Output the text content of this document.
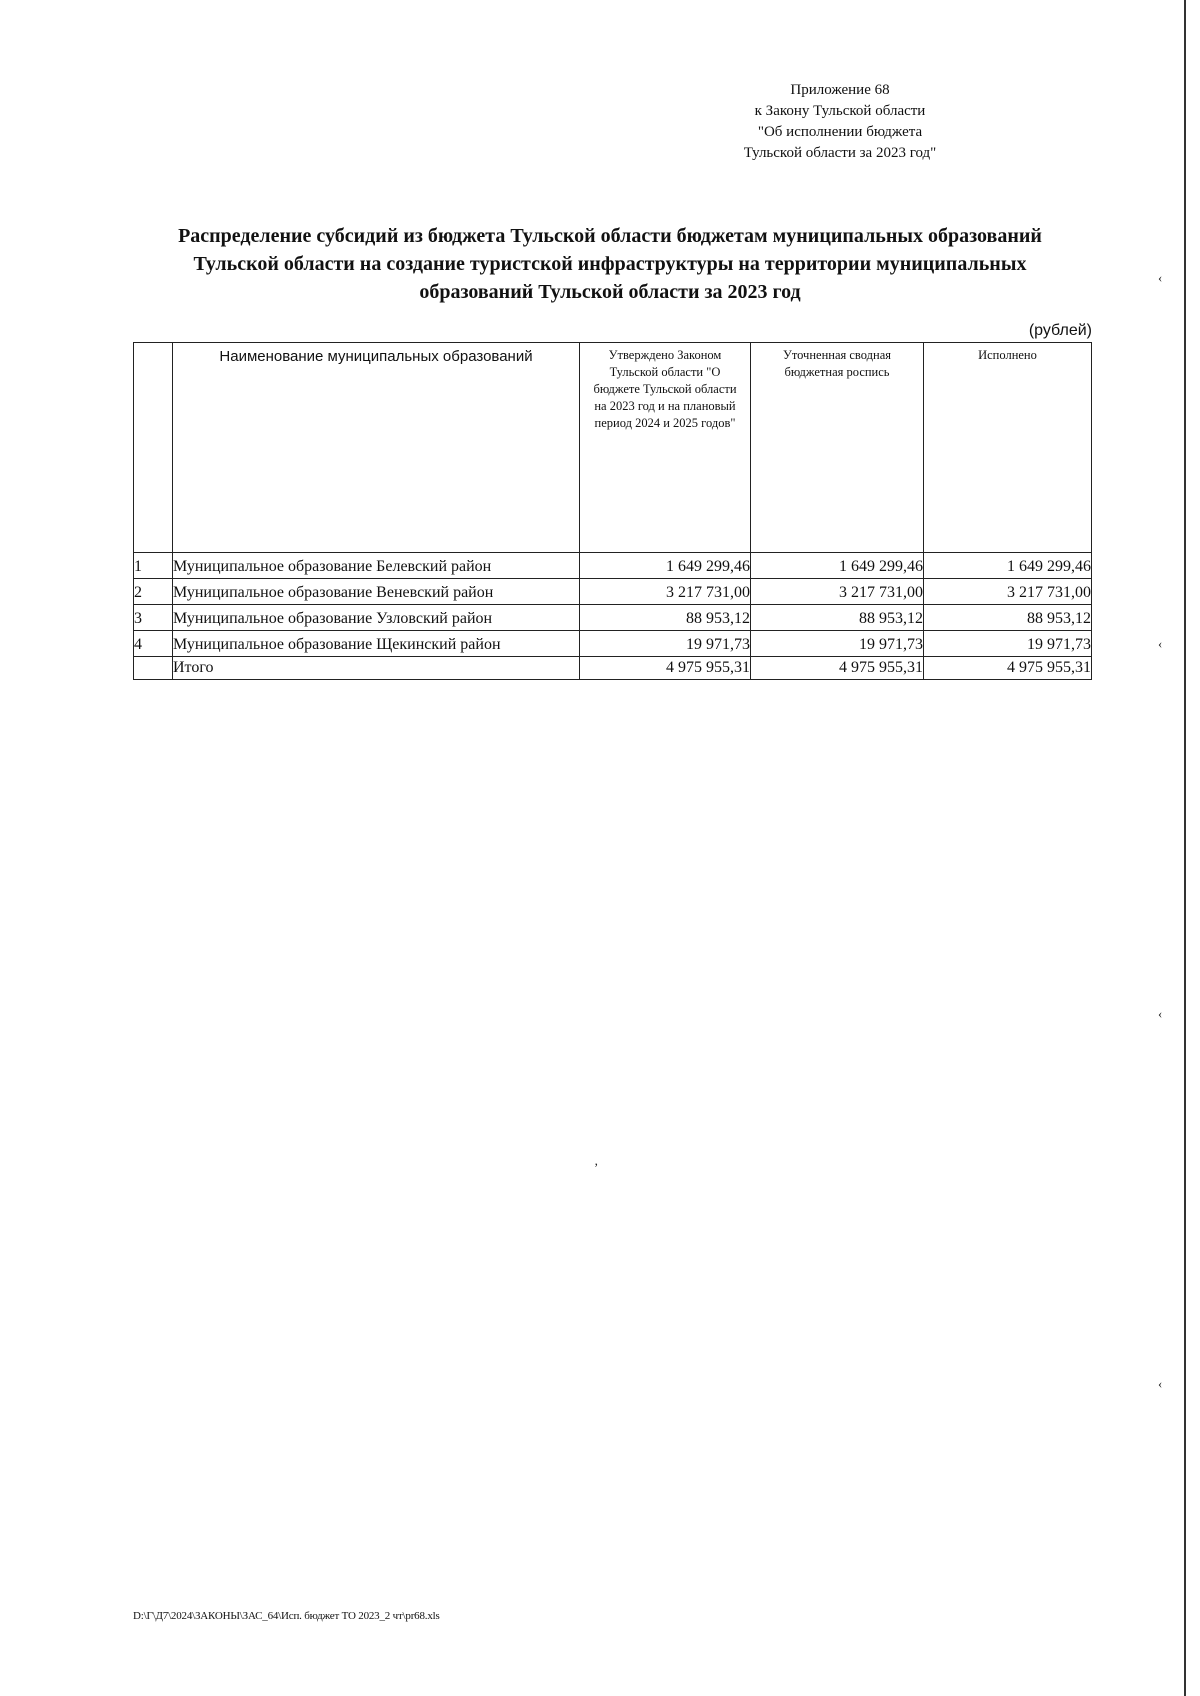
‹
‹
‹
‹
’
Приложение 68
к Закону Тульской области
"Об исполнении бюджета
Тульской области за 2023 год"
Распределение субсидий из бюджета Тульской области бюджетам муниципальных образований
Тульской области на создание туристской инфраструктуры на территории муниципальных
образований Тульской области за 2023 год
(рублей)
	Наименование муниципальных образований	Утверждено Законом Тульской области "О бюджете Тульской области на 2023 год и на плановый период 2024 и 2025 годов"	Уточненная сводная бюджетная роспись	Исполнено
1	Муниципальное образование Белевский район	1 649 299,46	1 649 299,46	1 649 299,46
2	Муниципальное образование Веневский район	3 217 731,00	3 217 731,00	3 217 731,00
3	Муниципальное образование Узловский район	88 953,12	88 953,12	88 953,12
4	Муниципальное образование Щекинский район	19 971,73	19 971,73	19 971,73
	Итого	4 975 955,31	4 975 955,31	4 975 955,31
D:\Г\Д7\2024\ЗАКОНЫ\ЗАС_64\Исп. бюджет ТО 2023_2 чт\pr68.xls
